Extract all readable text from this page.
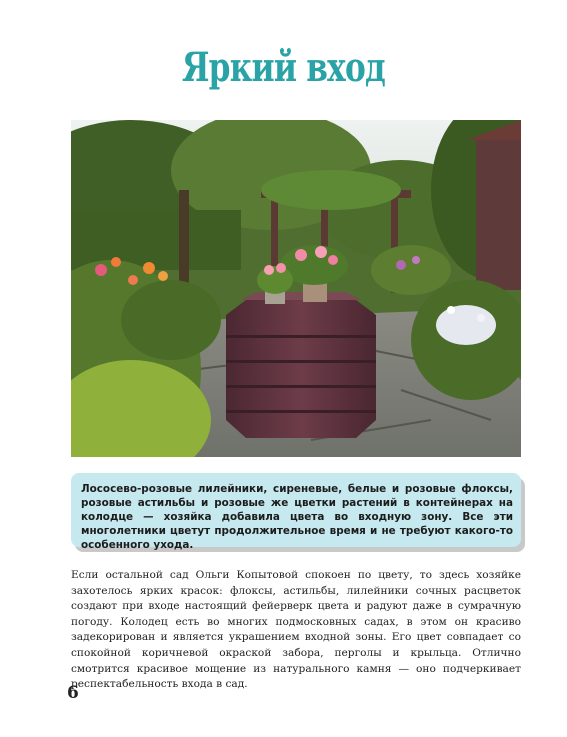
Яркий вход
Лососево-розовые лилейники, сиреневые, белые и розовые флоксы, розовые астильбы и розовые же цветки растений в контейнерах на колодце — хозяйка добавила цвета во входную зону. Все эти многолетники цветут продолжительное время и не требуют какого-то особенного ухода.
Если остальной сад Ольги Копытовой спокоен по цвету, то здесь хозяйке захотелось ярких красок: флоксы, астильбы, лилейники сочных расцветок создают при входе настоящий фейерверк цвета и радуют даже в сумрачную погоду. Колодец есть во многих подмосковных садах, в этом он красиво задекорирован и является украшением входной зоны. Его цвет совпадает со спокойной коричневой окраской забора, перголы и крыльца. Отлично смотрится красивое мощение из натурального камня — оно подчеркивает респектабельность входа в сад.
6
